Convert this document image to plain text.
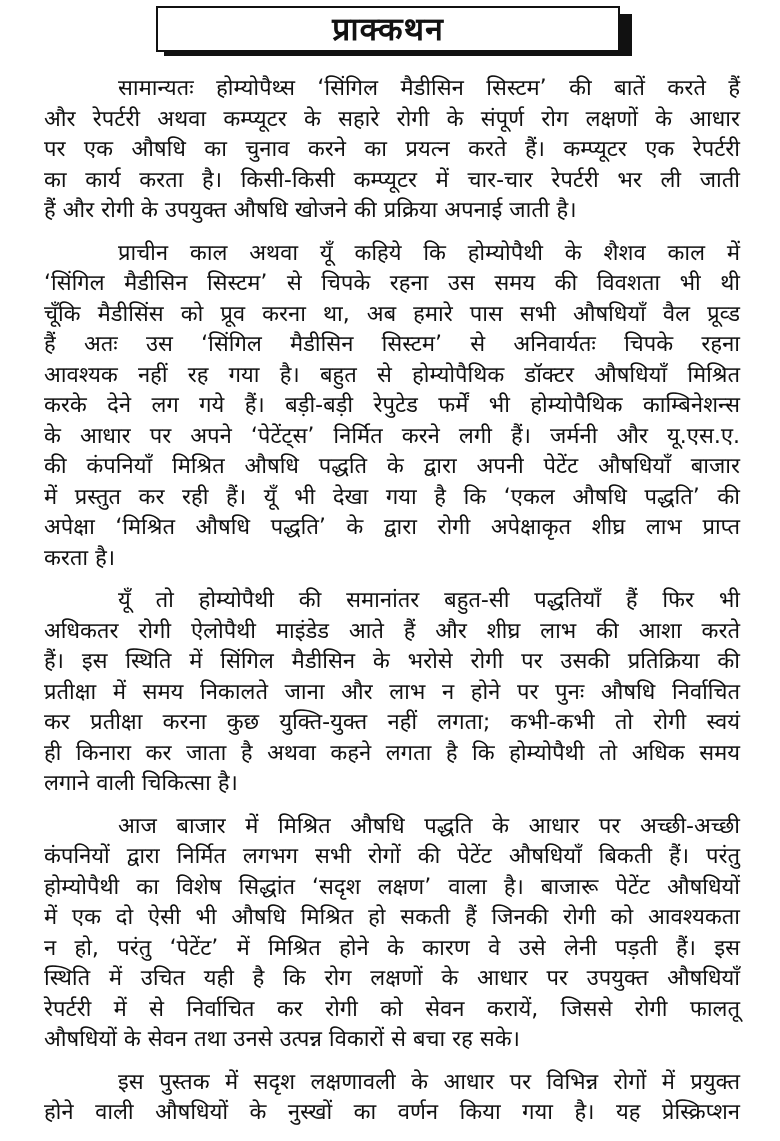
प्राक्कथन

सामान्यतः होम्योपैथ्स ‘सिंगिल मैडीसिन सिस्टम’ की बातें करते हैं
और रेपर्टरी अथवा कम्प्यूटर के सहारे रोगी के संपूर्ण रोग लक्षणों के आधार
पर एक औषधि का चुनाव करने का प्रयत्न करते हैं। कम्प्यूटर एक रेपर्टरी
का कार्य करता है। किसी-किसी कम्प्यूटर में चार-चार रेपर्टरी भर ली जाती
हैं और रोगी के उपयुक्त औषधि खोजने की प्रक्रिया अपनाई जाती है।

प्राचीन काल अथवा यूँ कहिये कि होम्योपैथी के शैशव काल में
‘सिंगिल मैडीसिन सिस्टम’ से चिपके रहना उस समय की विवशता भी थी
चूँकि मैडीसिंस को प्रूव करना था, अब हमारे पास सभी औषधियाँ वैल प्रूव्ड
हैं अतः उस ‘सिंगिल मैडीसिन सिस्टम’ से अनिवार्यतः चिपके रहना
आवश्यक नहीं रह गया है। बहुत से होम्योपैथिक डॉक्टर औषधियाँ मिश्रित
करके देने लग गये हैं। बड़ी-बड़ी रेपुटेड फर्में भी होम्योपैथिक काम्बिनेशन्स
के आधार पर अपने ‘पेटेंट्स’ निर्मित करने लगी हैं। जर्मनी और यू.एस.ए.
की कंपनियाँ मिश्रित औषधि पद्धति के द्वारा अपनी पेटेंट औषधियाँ बाजार
में प्रस्तुत कर रही हैं। यूँ भी देखा गया है कि ‘एकल औषधि पद्धति’ की
अपेक्षा ‘मिश्रित औषधि पद्धति’ के द्वारा रोगी अपेक्षाकृत शीघ्र लाभ प्राप्त
करता है।

यूँ तो होम्योपैथी की समानांतर बहुत-सी पद्धतियाँ हैं फिर भी
अधिकतर रोगी ऐलोपैथी माइंडेड आते हैं और शीघ्र लाभ की आशा करते
हैं। इस स्थिति में सिंगिल मैडीसिन के भरोसे रोगी पर उसकी प्रतिक्रिया की
प्रतीक्षा में समय निकालते जाना और लाभ न होने पर पुनः औषधि निर्वाचित
कर प्रतीक्षा करना कुछ युक्ति-युक्त नहीं लगता; कभी-कभी तो रोगी स्वयं
ही किनारा कर जाता है अथवा कहने लगता है कि होम्योपैथी तो अधिक समय
लगाने वाली चिकित्सा है।

आज बाजार में मिश्रित औषधि पद्धति के आधार पर अच्छी-अच्छी
कंपनियों द्वारा निर्मित लगभग सभी रोगों की पेटेंट औषधियाँ बिकती हैं। परंतु
होम्योपैथी का विशेष सिद्धांत ‘सदृश लक्षण’ वाला है। बाजारू पेटेंट औषधियों
में एक दो ऐसी भी औषधि मिश्रित हो सकती हैं जिनकी रोगी को आवश्यकता
न हो, परंतु ‘पेटेंट’ में मिश्रित होने के कारण वे उसे लेनी पड़ती हैं। इस
स्थिति में उचित यही है कि रोग लक्षणों के आधार पर उपयुक्त औषधियाँ
रेपर्टरी में से निर्वाचित कर रोगी को सेवन करायें, जिससे रोगी फालतू
औषधियों के सेवन तथा उनसे उत्पन्न विकारों से बचा रह सके।

इस पुस्तक में सदृश लक्षणावली के आधार पर विभिन्न रोगों में प्रयुक्त
होने वाली औषधियों के नुस्खों का वर्णन किया गया है। यह प्रेस्क्रिप्शन
